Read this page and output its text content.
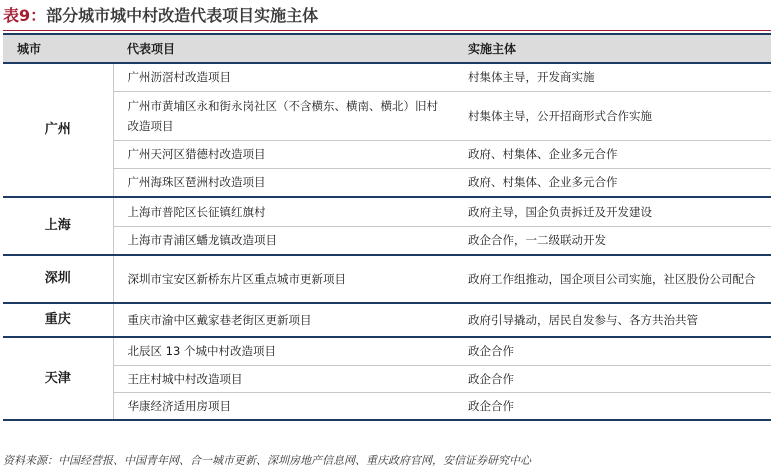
表9：部分城市城中村改造代表项目实施主体
城市	代表项目	实施主体
广州	广州沥滘村改造项目	村集体主导，开发商实施
	广州市黄埔区永和街永岗社区（不含横东、横南、横北）旧村改造项目	村集体主导，公开招商形式合作实施
	广州天河区猎德村改造项目	政府、村集体、企业多元合作
	广州海珠区琶洲村改造项目	政府、村集体、企业多元合作
上海	上海市普陀区长征镇红旗村	政府主导，国企负责拆迁及开发建设
	上海市青浦区蟠龙镇改造项目	政企合作，一二级联动开发
深圳	深圳市宝安区新桥东片区重点城市更新项目	政府工作组推动，国企项目公司实施，社区股份公司配合
重庆	重庆市渝中区戴家巷老街区更新项目	政府引导撬动，居民自发参与、各方共治共管
天津	北辰区 13 个城中村改造项目	政企合作
	王庄村城中村改造项目	政企合作
	华康经济适用房项目	政企合作
资料来源：中国经营报、中国青年网、合一城市更新、深圳房地产信息网、重庆政府官网，安信证券研究中心
